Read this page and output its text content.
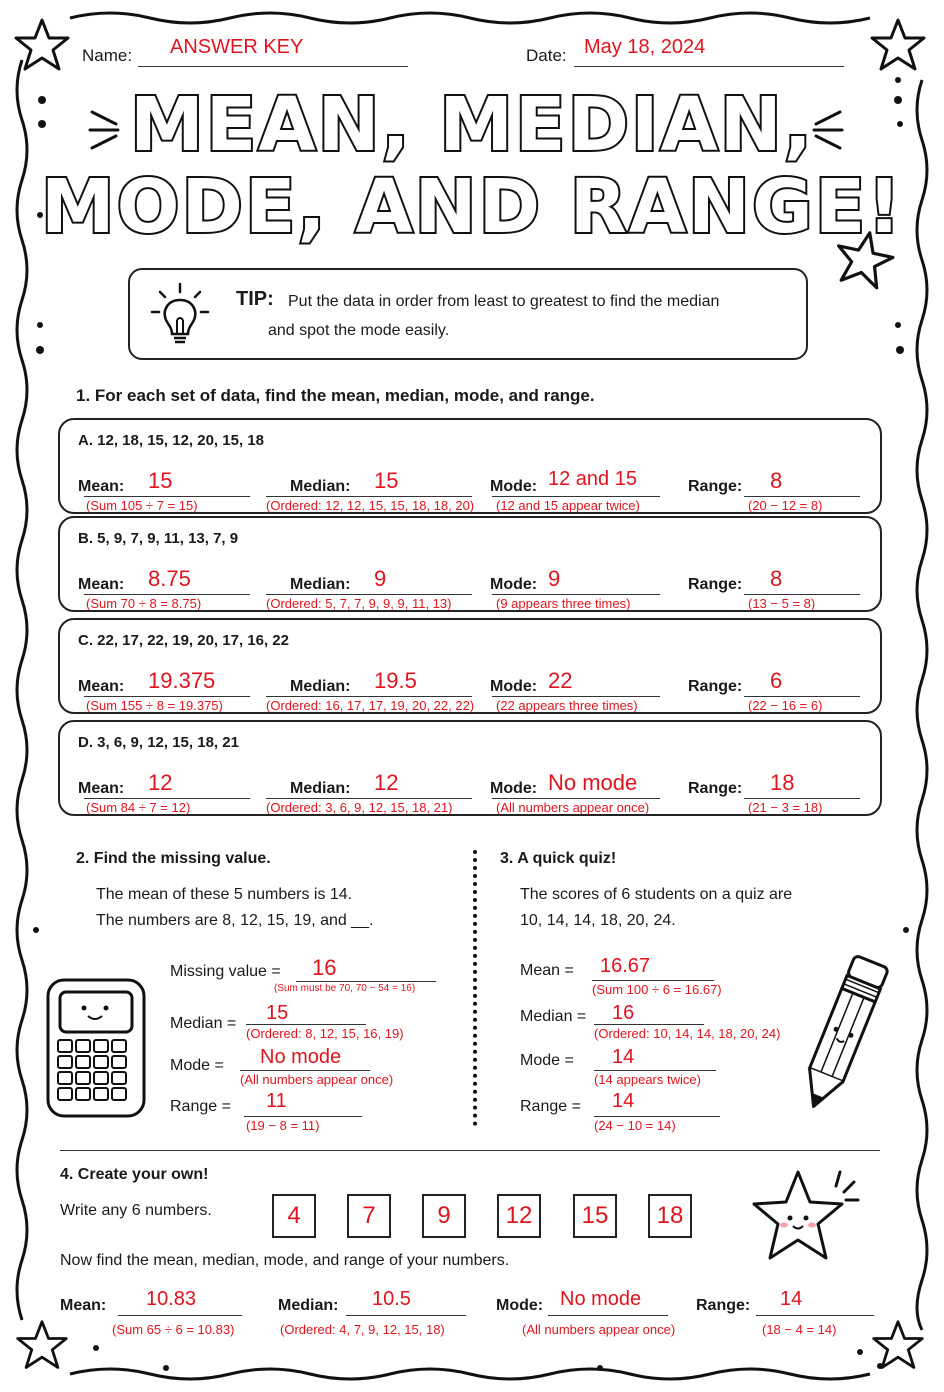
Name: ANSWER KEY	Date: May 18, 2024
MEAN, MEDIAN,
MODE, AND RANGE!
TIP: Put the data in order from least to greatest to find the median
and spot the mode easily.
1. For each set of data, find the mean, median, mode, and range.
A. 12, 18, 15, 12, 20, 15, 18
Mean: 15
(Sum 105 ÷ 7 = 15)
Median: 15
(Ordered: 12, 12, 15, 15, 18, 18, 20)
Mode: 12 and 15
(12 and 15 appear twice)
Range: 8
(20 − 12 = 8)
B. 5, 9, 7, 9, 11, 13, 7, 9
Mean: 8.75
(Sum 70 ÷ 8 = 8.75)
Median: 9
(Ordered: 5, 7, 7, 9, 9, 9, 11, 13)
Mode: 9
(9 appears three times)
Range: 8
(13 − 5 = 8)
C. 22, 17, 22, 19, 20, 17, 16, 22
Mean: 19.375
(Sum 155 ÷ 8 = 19.375)
Median: 19.5
(Ordered: 16, 17, 17, 19, 20, 22, 22)
Mode: 22
(22 appears three times)
Range: 6
(22 − 16 = 6)
D. 3, 6, 9, 12, 15, 18, 21
Mean: 12
(Sum 84 ÷ 7 = 12)
Median: 12
(Ordered: 3, 6, 9, 12, 15, 18, 21)
Mode: No mode
(All numbers appear once)
Range: 18
(21 − 3 = 18)
2. Find the missing value.
The mean of these 5 numbers is 14.
The numbers are 8, 12, 15, 19, and __.
Missing value = 16
(Sum must be 70, 70 − 54 = 16)
Median = 15
(Ordered: 8, 12, 15, 16, 19)
Mode = No mode
(All numbers appear once)
Range = 11
(19 − 8 = 11)
3. A quick quiz!
The scores of 6 students on a quiz are
10, 14, 14, 18, 20, 24.
Mean = 16.67
(Sum 100 ÷ 6 = 16.67)
Median = 16
(Ordered: 10, 14, 14, 18, 20, 24)
Mode = 14
(14 appears twice)
Range = 14
(24 − 10 = 14)
4. Create your own!
Write any 6 numbers.	4	7	9	12	15	18
Now find the mean, median, mode, and range of your numbers.
Mean: 10.83
(Sum 65 ÷ 6 = 10.83)
Median: 10.5
(Ordered: 4, 7, 9, 12, 15, 18)
Mode: No mode
(All numbers appear once)
Range: 14
(18 − 4 = 14)
